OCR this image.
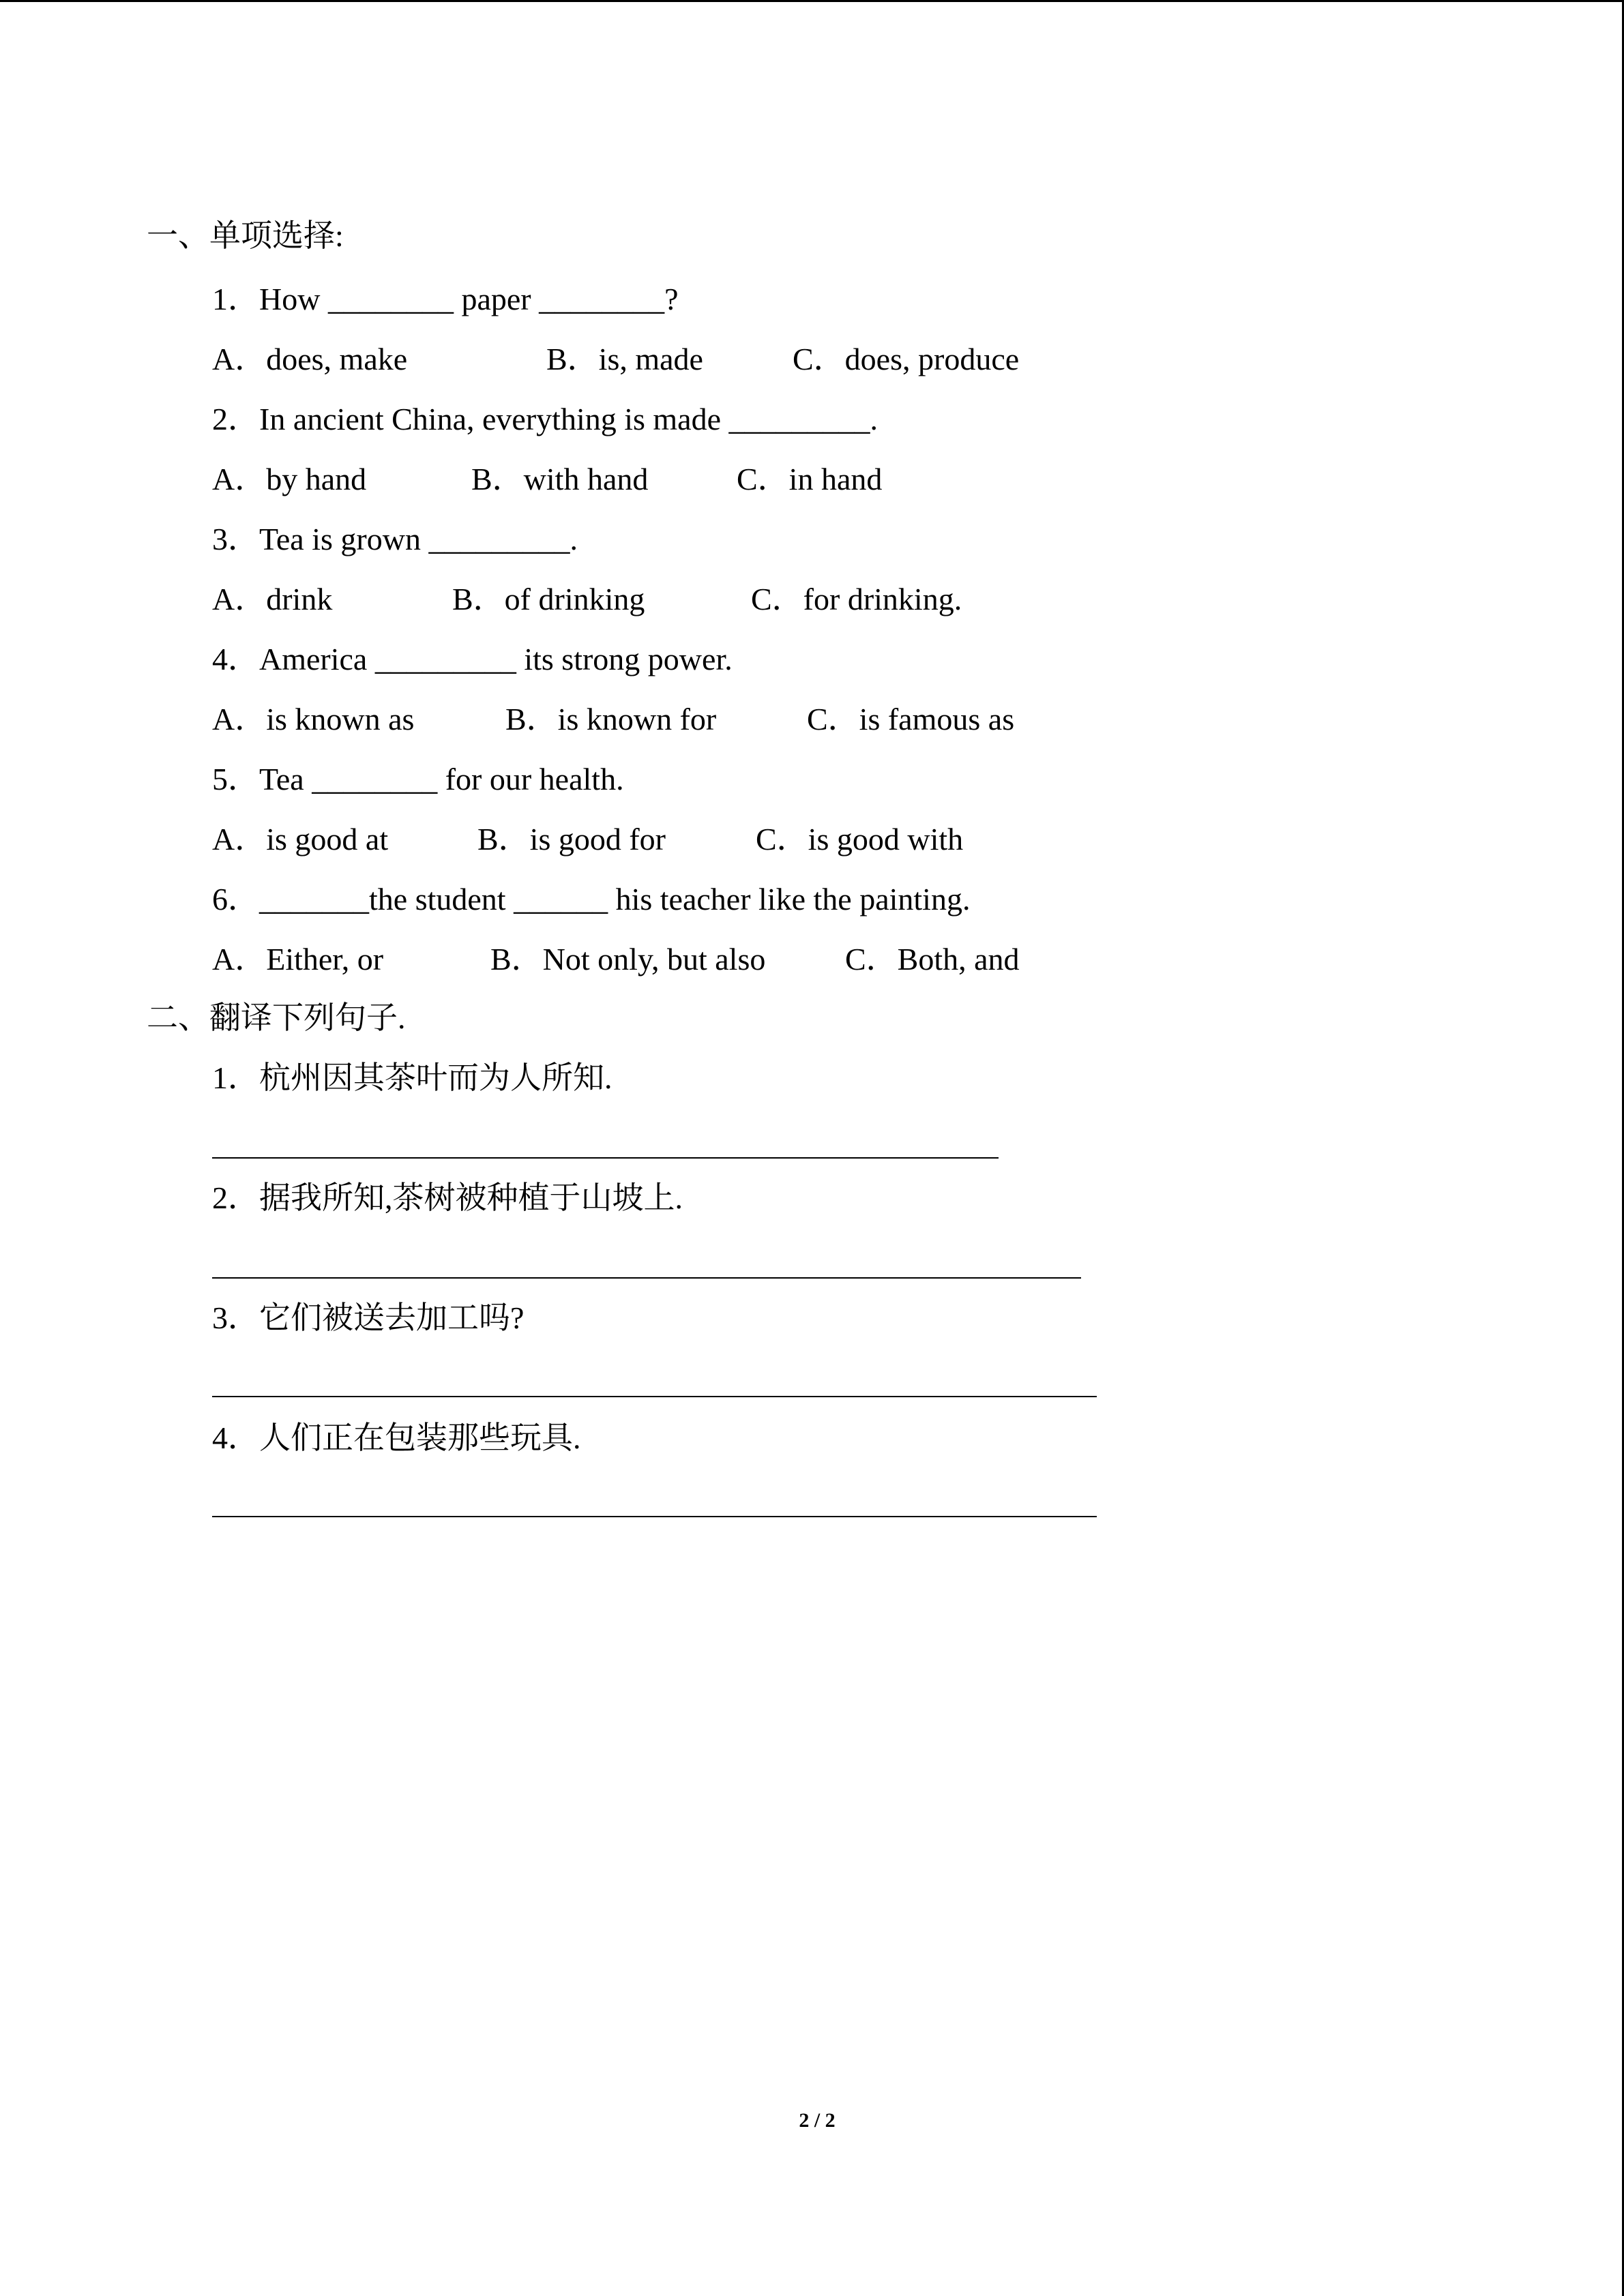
一、单项选择:
1．How ________ paper ________?
A．does, make	B．is, made	C．does, produce
2．In ancient China, everything is made _________.
A．by hand	B．with hand	C．in hand
3．Tea is grown _________.
A．drink	B．of drinking	C．for drinking.
4．America _________ its strong power.
A．is known as	B．is known for	C．is famous as
5．Tea ________ for our health.
A．is good at	B．is good for	C．is good with
6．_______the student ______ his teacher like the painting.
A．Either, or	B．Not only, but also	C．Both, and
二、翻译下列句子.
1．杭州因其茶叶而为人所知.
2．据我所知,茶树被种植于山坡上.
3．它们被送去加工吗?
4．人们正在包装那些玩具.
2 / 2
